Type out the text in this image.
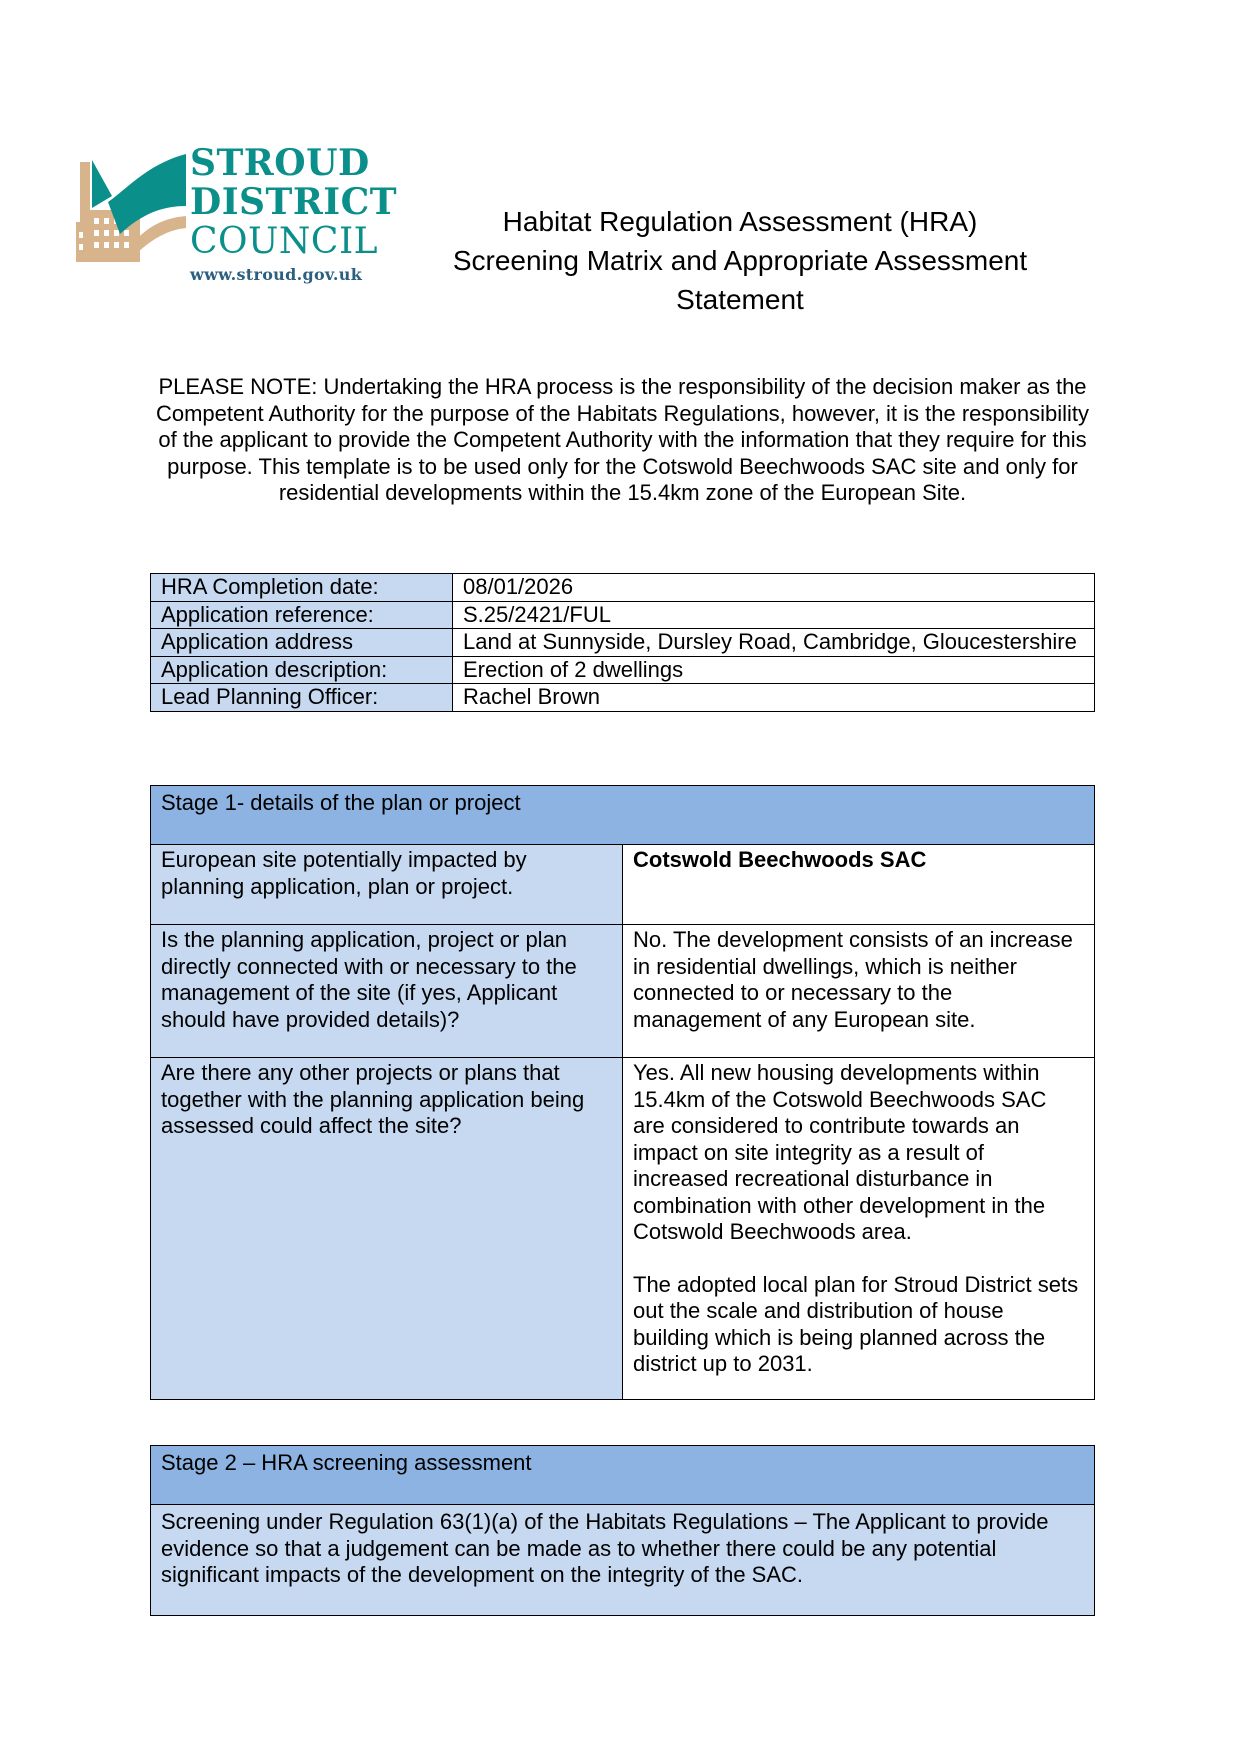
STROUD
DISTRICT
COUNCIL
www.stroud.gov.uk
Habitat Regulation Assessment (HRA)
Screening Matrix and Appropriate Assessment
Statement
PLEASE NOTE: Undertaking the HRA process is the responsibility of the decision maker as the Competent Authority for the purpose of the Habitats Regulations, however, it is the responsibility of the applicant to provide the Competent Authority with the information that they require for this purpose. This template is to be used only for the Cotswold Beechwoods SAC site and only for residential developments within the 15.4km zone of the European Site.
HRA Completion date:	08/01/2026
Application reference:	S.25/2421/FUL
Application address	Land at Sunnyside, Dursley Road, Cambridge, Gloucestershire
Application description:	Erection of 2 dwellings
Lead Planning Officer:	Rachel Brown
Stage 1- details of the plan or project	
European site potentially impacted by planning application, plan or project.	Cotswold Beechwoods SAC
Is the planning application, project or plan directly connected with or necessary to the management of the site (if yes, Applicant should have provided details)?	No. The development consists of an increase in residential dwellings, which is neither connected to or necessary to the management of any European site.
Are there any other projects or plans that together with the planning application being assessed could affect the site?	Yes. All new housing developments within 15.4km of the Cotswold Beechwoods SAC are considered to contribute towards an impact on site integrity as a result of increased recreational disturbance in combination with other development in the Cotswold Beechwoods area.
The adopted local plan for Stroud District sets out the scale and distribution of house building which is being planned across the district up to 2031.
Stage 2 – HRA screening assessment
Screening under Regulation 63(1)(a) of the Habitats Regulations – The Applicant to provide evidence so that a judgement can be made as to whether there could be any potential significant impacts of the development on the integrity of the SAC.
